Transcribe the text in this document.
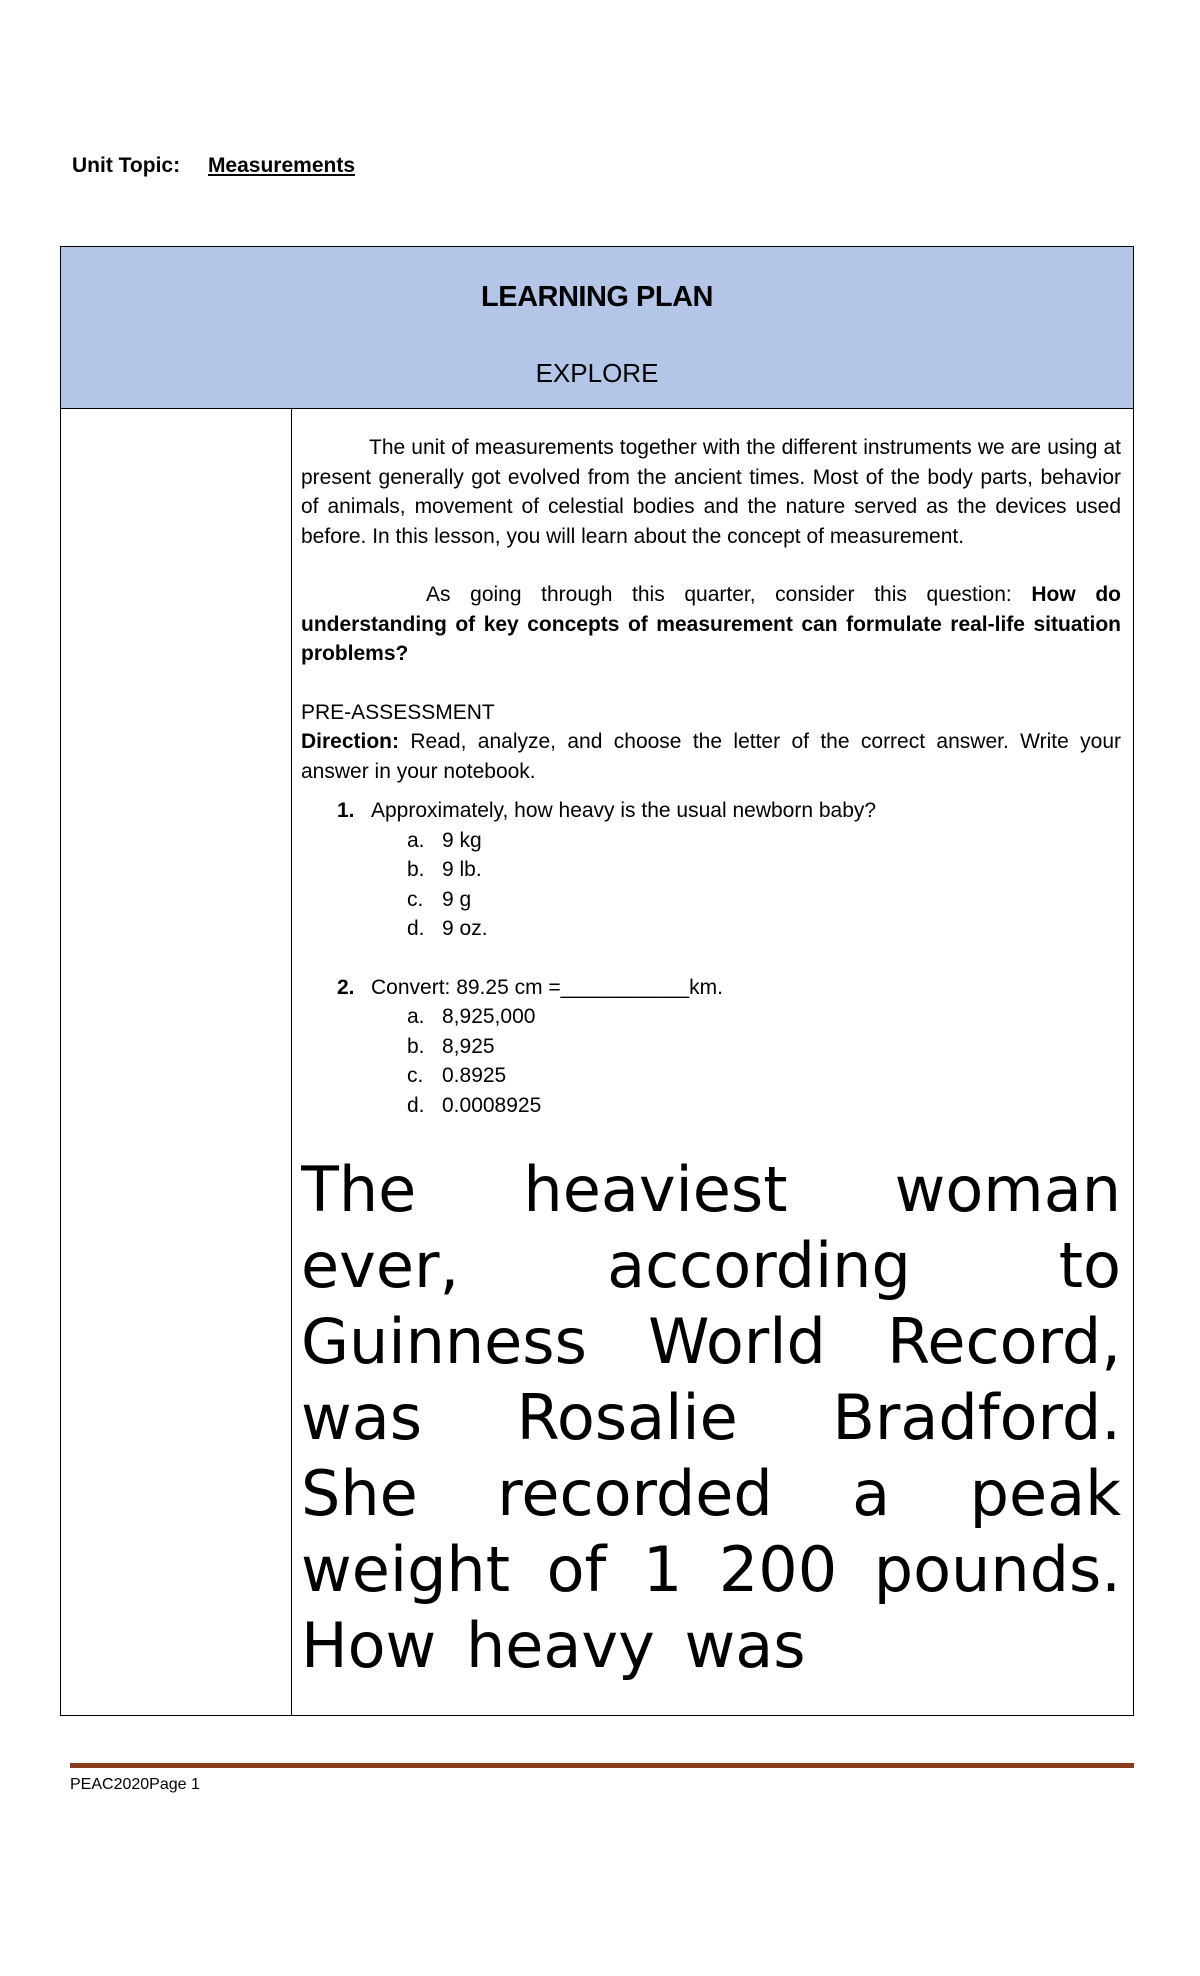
Unit Topic: Measurements
LEARNING PLAN
EXPLORE

The unit of measurements together with the different instruments we are using at present generally got evolved from the ancient times. Most of the body parts, behavior of animals, movement of celestial bodies and the nature served as the devices used before. In this lesson, you will learn about the concept of measurement.

As going through this quarter, consider this question: How do understanding of key concepts of measurement can formulate real-life situation problems?

PRE-ASSESSMENT

Direction: Read, analyze, and choose the letter of the correct answer. Write your answer in your notebook.

1. Approximately, how heavy is the usual newborn baby?
a. 9 kg
b. 9 lb.
c. 9 g
d. 9 oz.
2. Convert: 89.25 cm =___________km.
a. 8,925,000
b. 8,925
c. 0.8925
d. 0.0008925
The heaviest woman ever, according to Guinness World Record, was Rosalie Bradford. She recorded a peak weight of 1 200 pounds. How heavy was
PEAC2020Page 1
